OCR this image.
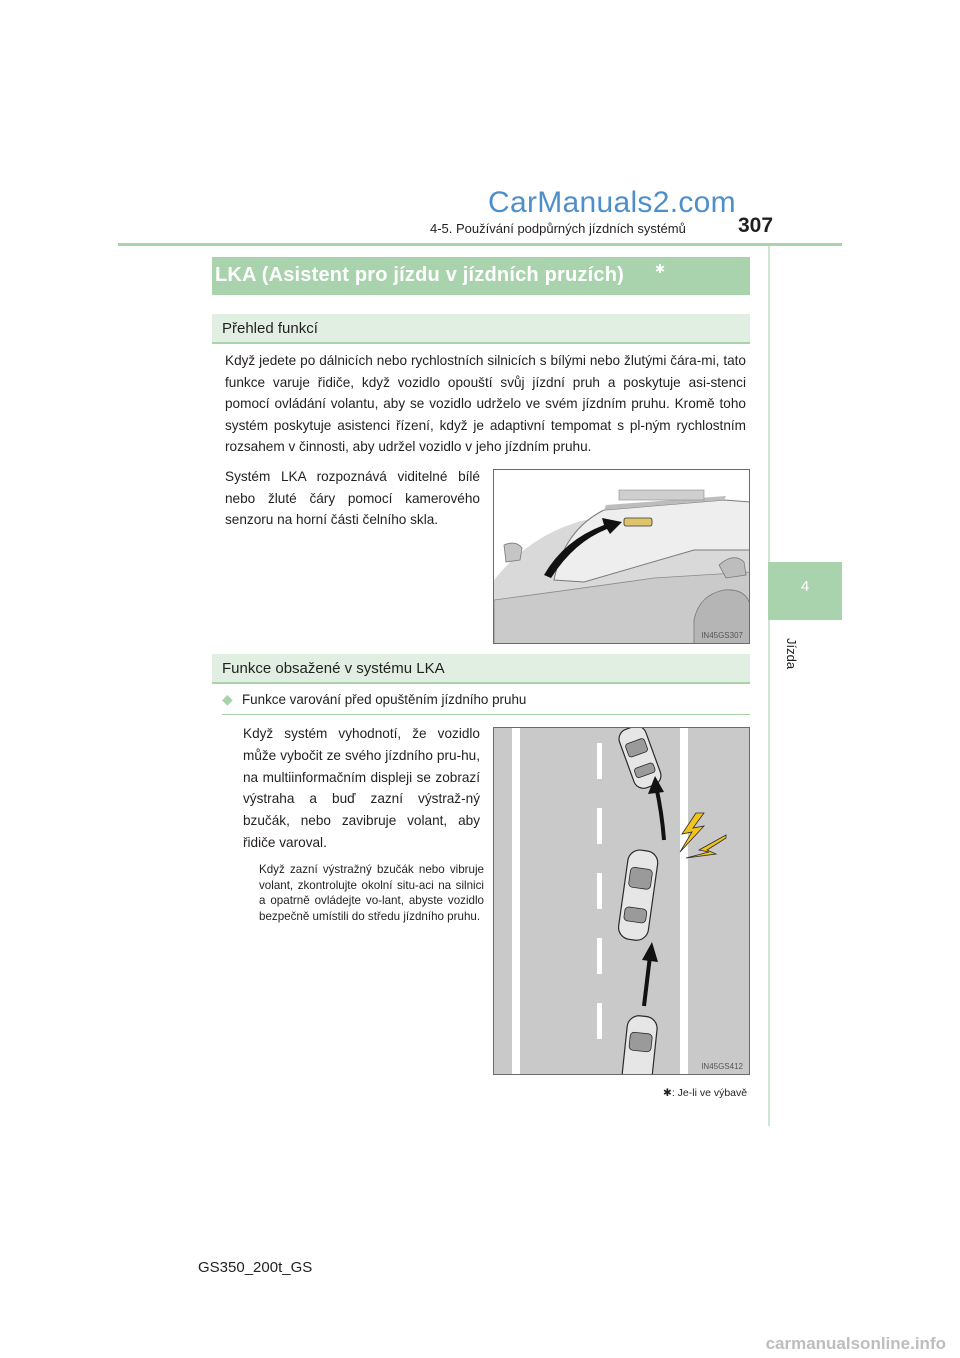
CarManuals2.com
4-5. Používání podpůrných jízdních systémů 307
4
Jízda
LKA (Asistent pro jízdu v jízdních pruzích)	✱
Přehled funkcí
Když jedete po dálnicích nebo rychlostních silnicích s bílými nebo žlutými čára-mi, tato funkce varuje řidiče, když vozidlo opouští svůj jízdní pruh a poskytuje asi-stenci pomocí ovládání volantu, aby se vozidlo udrželo ve svém jízdním pruhu. Kromě toho systém poskytuje asistenci řízení, když je adaptivní tempomat s pl-ným rychlostním rozsahem v činnosti, aby udržel vozidlo v jeho jízdním pruhu.
Systém LKA rozpoznává viditelné bílé nebo žluté čáry pomocí kamerového senzoru na horní části čelního skla.
IN45GS307
Funkce obsažené v systému LKA
◆ Funkce varování před opuštěním jízdního pruhu
Když systém vyhodnotí, že vozidlo může vybočit ze svého jízdního pru-hu, na multiinformačním displeji se zobrazí výstraha a buď zazní výstraž-ný bzučák, nebo zavibruje volant, aby řidiče varoval.
Když zazní výstražný bzučák nebo vibruje volant, zkontrolujte okolní situ-aci na silnici a opatrně ovládejte vo-lant, abyste vozidlo bezpečně umístili do středu jízdního pruhu.
IN45GS412
✱: Je-li ve výbavě
GS350_200t_GS
carmanualsonline.info
